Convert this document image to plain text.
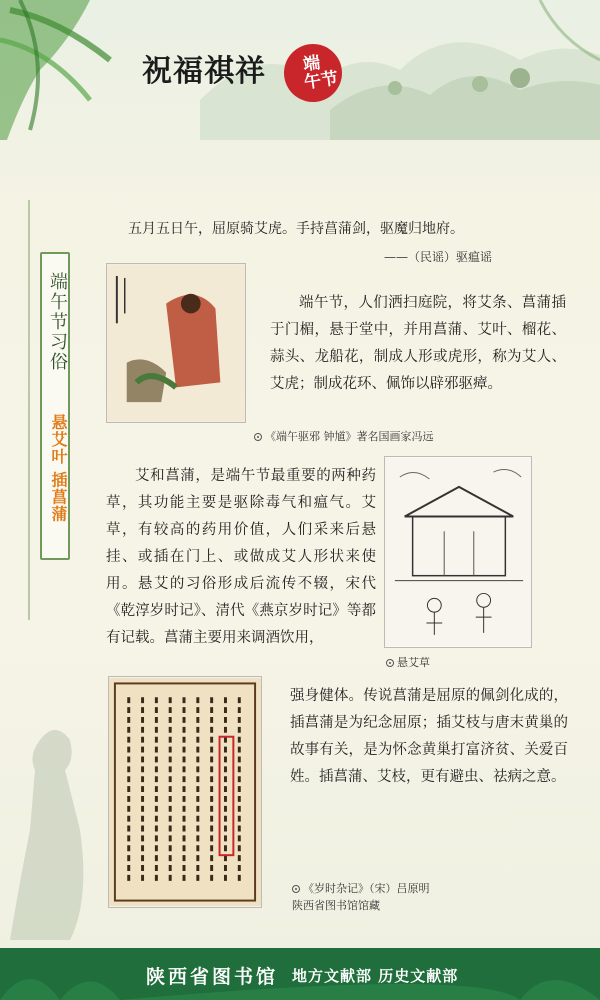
祝福祺祥 端
午节
端午节习俗
悬艾叶 插菖蒲
五月五日午，屈原骑艾虎。手持菖蒲剑，驱魔归地府。
——（民谣）驱瘟谣
《端午驱邪 钟馗》著名国画家冯远
端午节，人们洒扫庭院，将艾条、菖蒲插于门楣，悬于堂中，并用菖蒲、艾叶、榴花、蒜头、龙船花，制成人形或虎形，称为艾人、艾虎；制成花环、佩饰以辟邪驱瘴。
艾和菖蒲，是端午节最重要的两种药草，其功能主要是驱除毒气和瘟气。艾草，有较高的药用价值，人们采来后悬挂、或插在门上、或做成艾人形状来使用。悬艾的习俗形成后流传不辍，宋代《乾淳岁时记》、清代《燕京岁时记》等都有记载。菖蒲主要用来调酒饮用，
悬艾草
强身健体。传说菖蒲是屈原的佩剑化成的，插菖蒲是为纪念屈原；插艾枝与唐末黄巢的故事有关，是为怀念黄巢打富济贫、关爱百姓。插菖蒲、艾枝，更有避虫、祛病之意。
《岁时杂记》（宋）吕原明
陕西省图书馆馆藏
陕西省图书馆 地方文献部 历史文献部
